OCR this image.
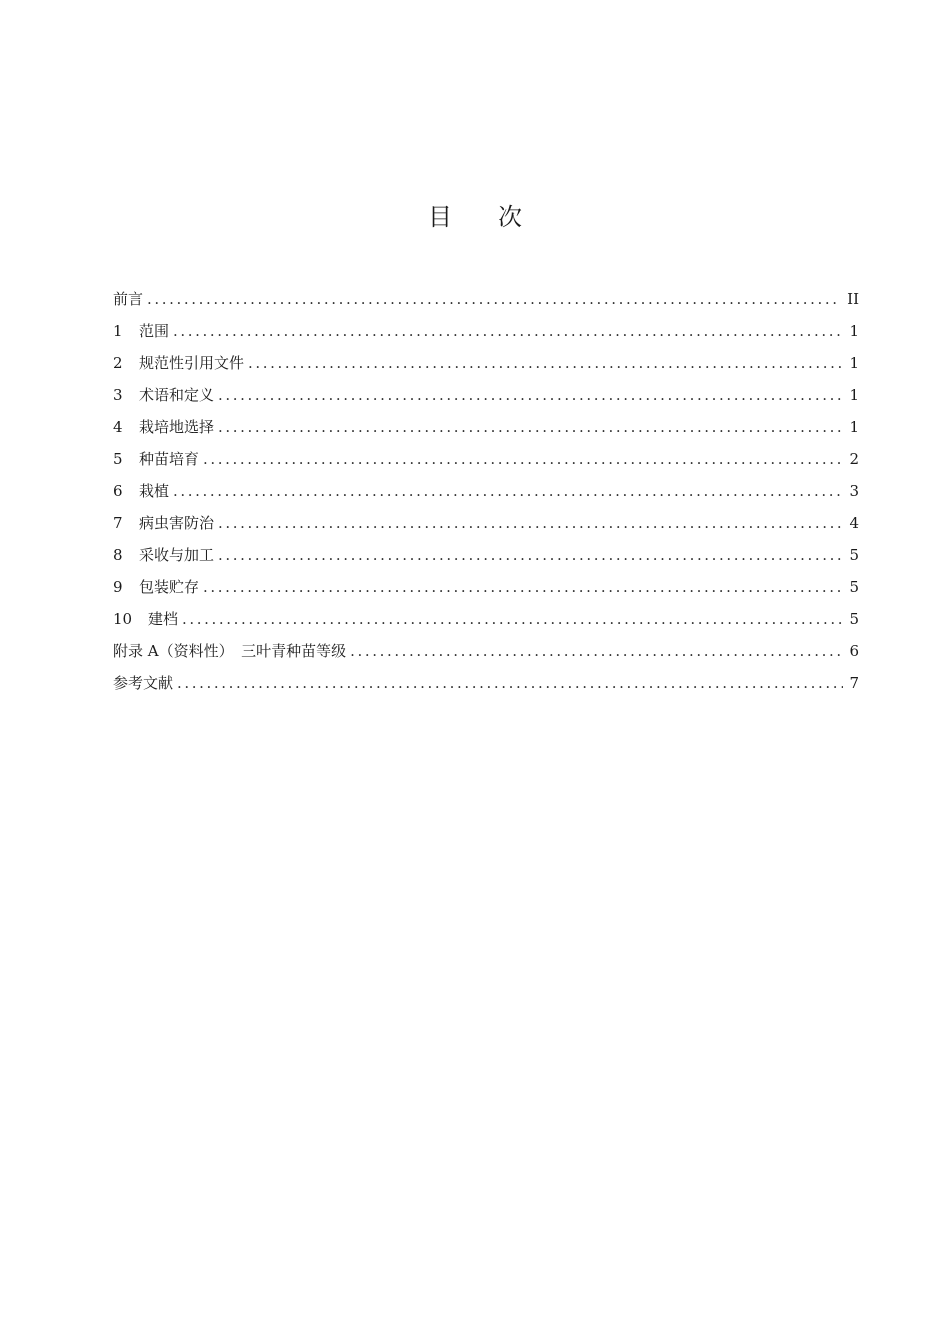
目 次
前言 .....	II
1	范围 .....	1
2	规范性引用文件 .....	1
3	术语和定义 .....	1
4	栽培地选择 .....	1
5	种苗培育 .....	2
6	栽植 .....	3
7	病虫害防治 .....	4
8	采收与加工 .....	5
9	包装贮存 .....	5
10	建档 .....	5
附录 A（资料性）　三叶青种苗等级 .....	6
参考文献 .....	7
